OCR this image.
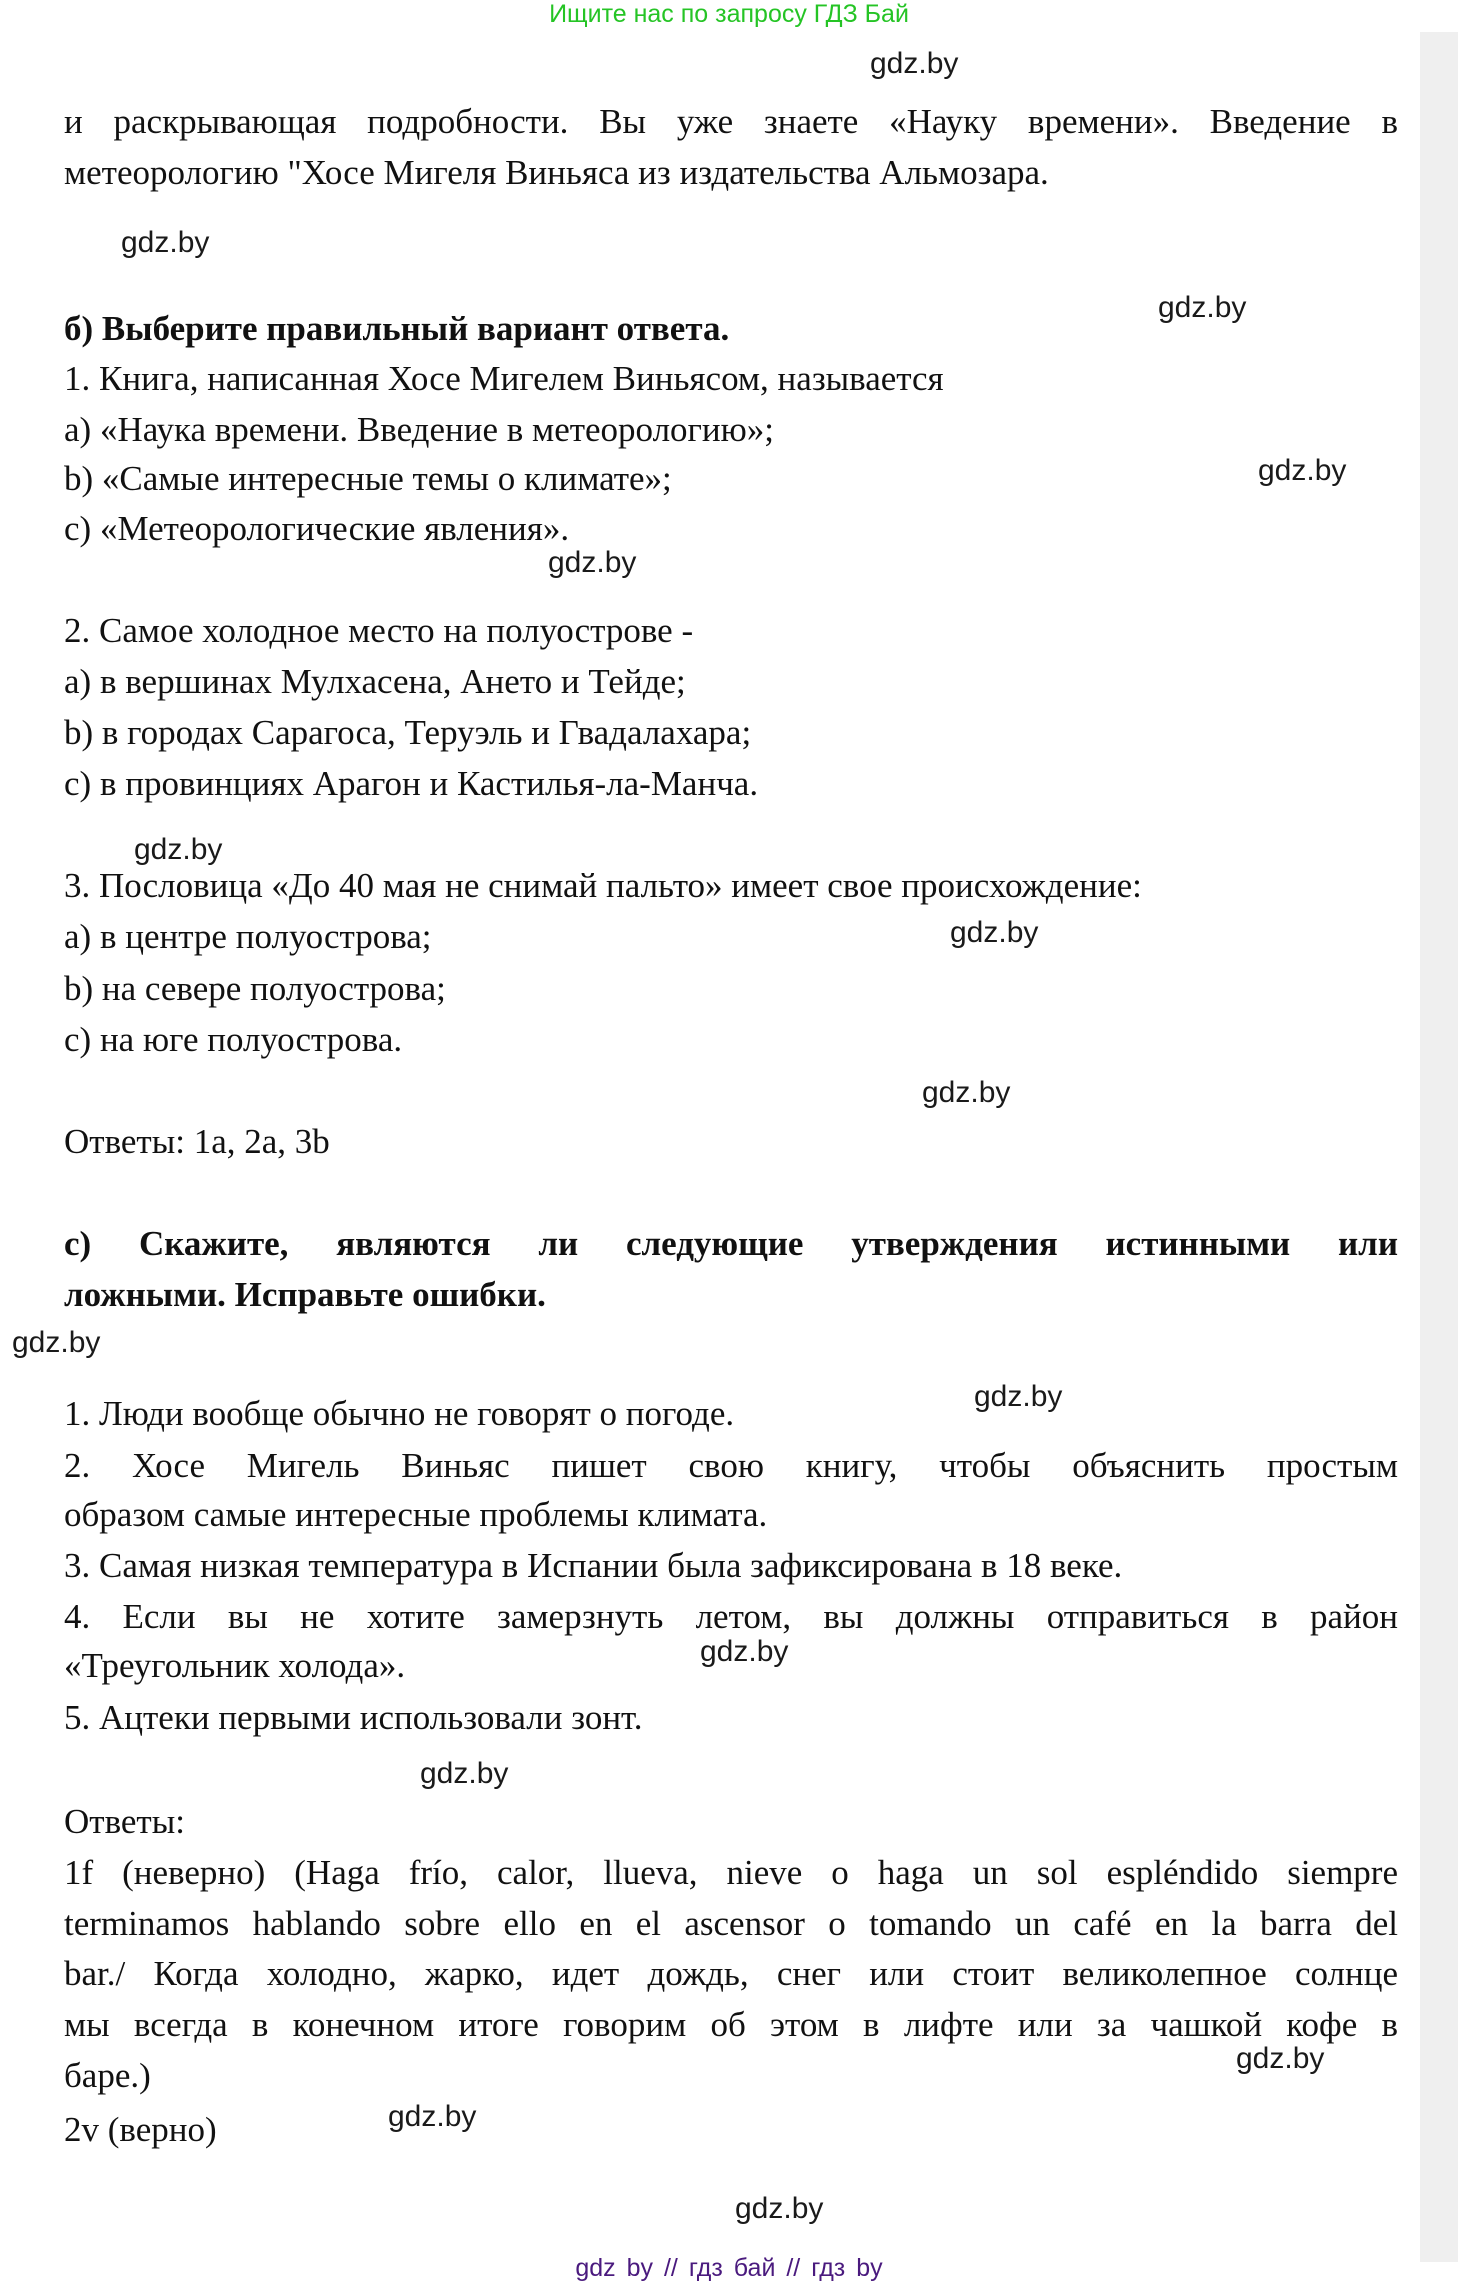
Ищите нас по запросу ГДЗ Бай
gdz.by
gdz.by
gdz.by
gdz.by
gdz.by
gdz.by
gdz.by
gdz.by
gdz.by
gdz.by
gdz.by
gdz.by
gdz.by
gdz.by
gdz.by
и раскрывающая подробности. Вы уже знаете «Науку времени». Введение в
метеорологию "Хосе Мигеля Виньяса из издательства Альмозара.
б) Выберите правильный вариант ответа.
1. Книга, написанная Хосе Мигелем Виньясом, называется
a) «Наука времени. Введение в метеорологию»;
b) «Самые интересные темы о климате»;
c) «Метеорологические явления».
2. Самое холодное место на полуострове -
a) в вершинах Мулхасена, Ането и Тейде;
b) в городах Сарагоса, Теруэль и Гвадалахара;
c) в провинциях Арагон и Кастилья-ла-Манча.
3. Пословица «До 40 мая не снимай пальто» имеет свое происхождение:
a) в центре полуострова;
b) на севере полуострова;
c) на юге полуострова.
Ответы: 1a, 2a, 3b
c) Скажите, являются ли следующие утверждения истинными или
ложными. Исправьте ошибки.
1. Люди вообще обычно не говорят о погоде.
2. Хосе Мигель Виньяс пишет свою книгу, чтобы объяснить простым
образом самые интересные проблемы климата.
3. Самая низкая температура в Испании была зафиксирована в 18 веке.
4. Если вы не хотите замерзнуть летом, вы должны отправиться в район
«Треугольник холода».
5. Ацтеки первыми использовали зонт.
Ответы:
1f (неверно) (Haga frío, calor, llueva, nieve o haga un sol espléndido siempre
terminamos hablando sobre ello en el ascensor o tomando un café en la barra del
bar./ Когда холодно, жарко, идет дождь, снег или стоит великолепное солнце
мы всегда в конечном итоге говорим об этом в лифте или за чашкой кофе в
баре.)
2v (верно)
gdz by // гдз бай // гдз by
